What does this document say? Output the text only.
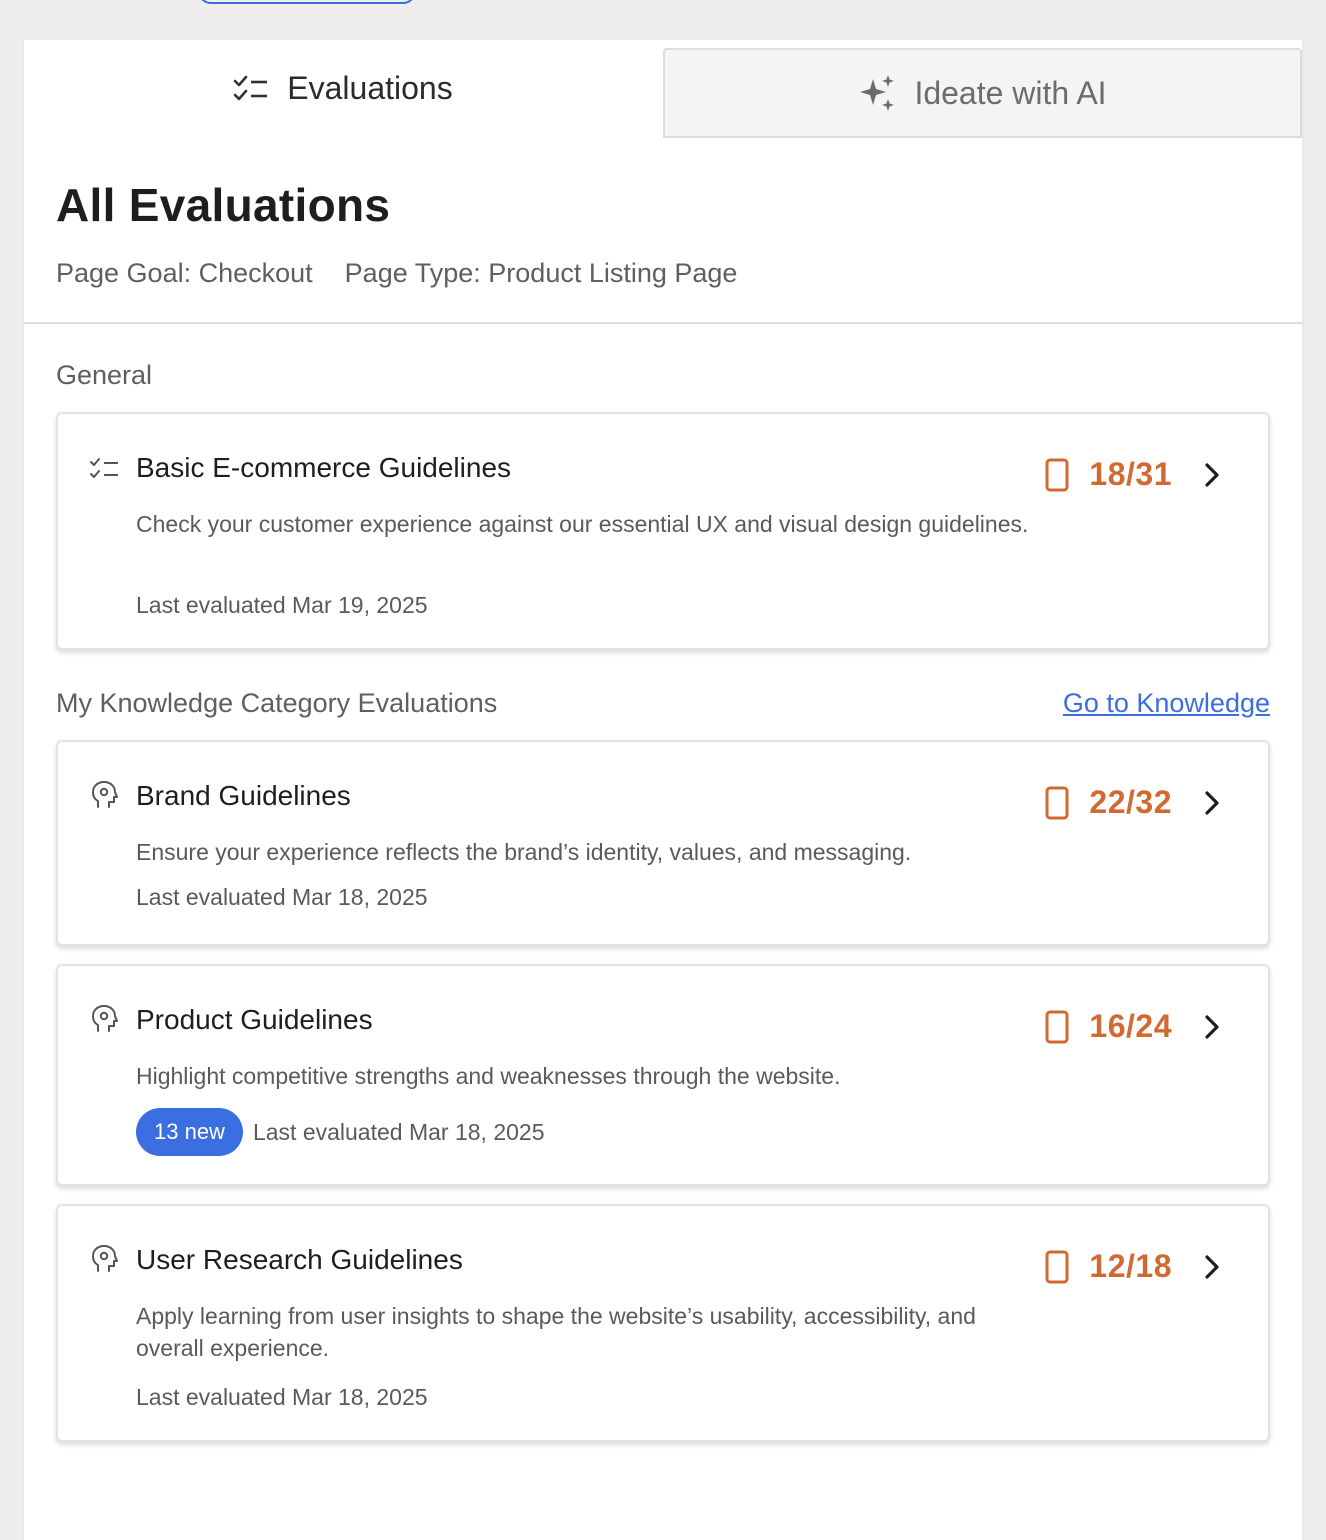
Evaluations	Ideate with AI
All Evaluations
Page Goal: Checkout Page Type: Product Listing Page
General
Basic E-commerce Guidelines
Check your customer experience against our essential UX and visual design guidelines.
Last evaluated Mar 19, 2025
18/31
My Knowledge Category Evaluations	Go to Knowledge
Brand Guidelines
Ensure your experience reflects the brand’s identity, values, and messaging.
Last evaluated Mar 18, 2025
22/32
Product Guidelines
Highlight competitive strengths and weaknesses through the website.
13 new	Last evaluated Mar 18, 2025
16/24
User Research Guidelines
Apply learning from user insights to shape the website’s usability, accessibility, and overall experience.
Last evaluated Mar 18, 2025
12/18
